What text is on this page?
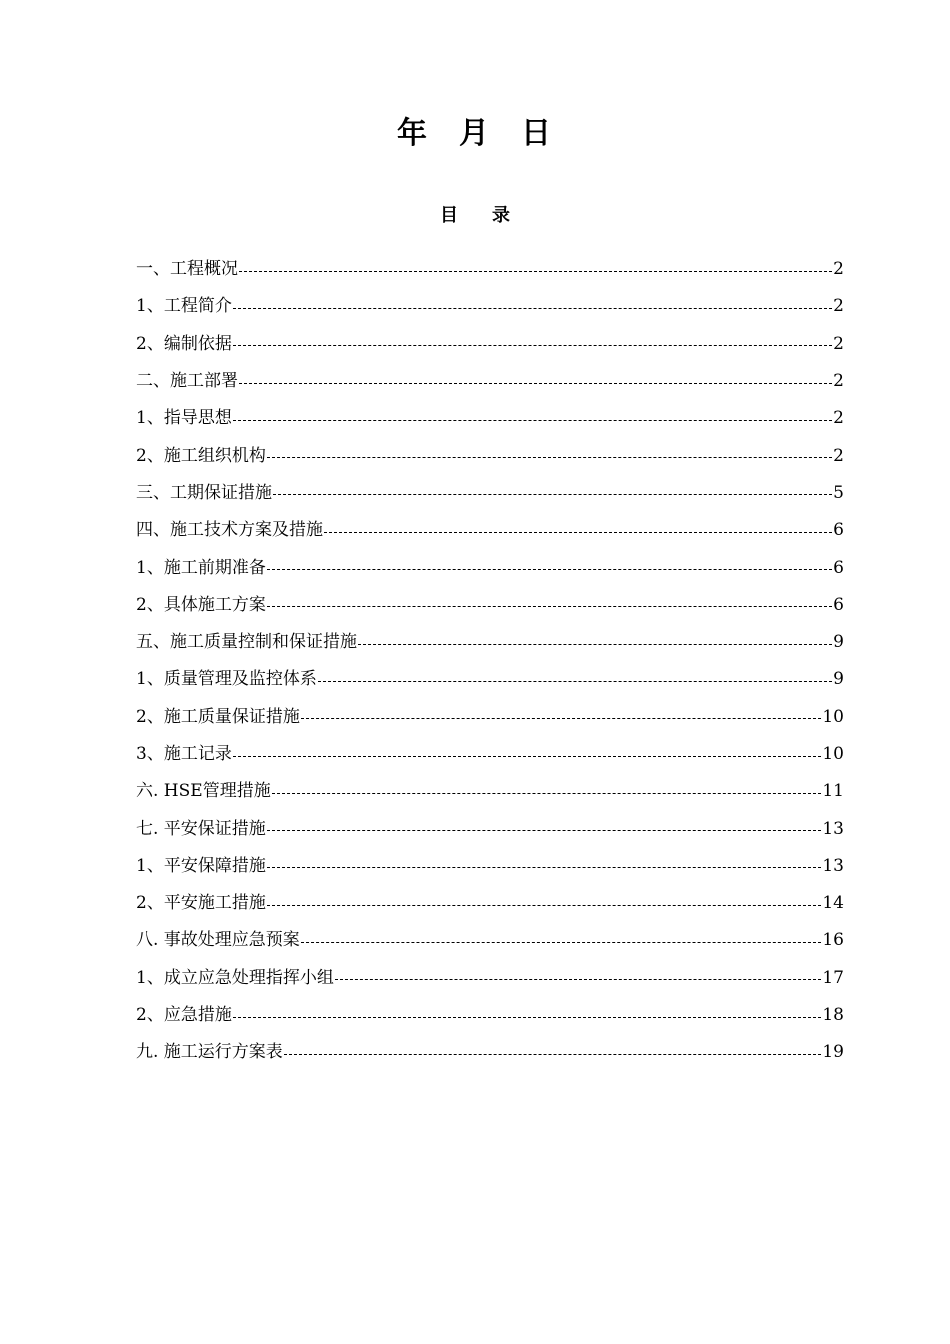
年 月 日
目 录
一、工程概况	2
1、工程简介	2
2、编制依据	2
二、施工部署	2
1、指导思想	2
2、施工组织机构	2
三、工期保证措施	5
四、施工技术方案及措施	6
1、施工前期准备	6
2、具体施工方案	6
五、施工质量控制和保证措施	9
1、质量管理及监控体系	9
2、施工质量保证措施	10
3、施工记录	10
六. HSE管理措施	11
七. 平安保证措施	13
1、平安保障措施	13
2、平安施工措施	14
八. 事故处理应急预案	16
1、成立应急处理指挥小组	17
2、应急措施	18
九. 施工运行方案表	19
